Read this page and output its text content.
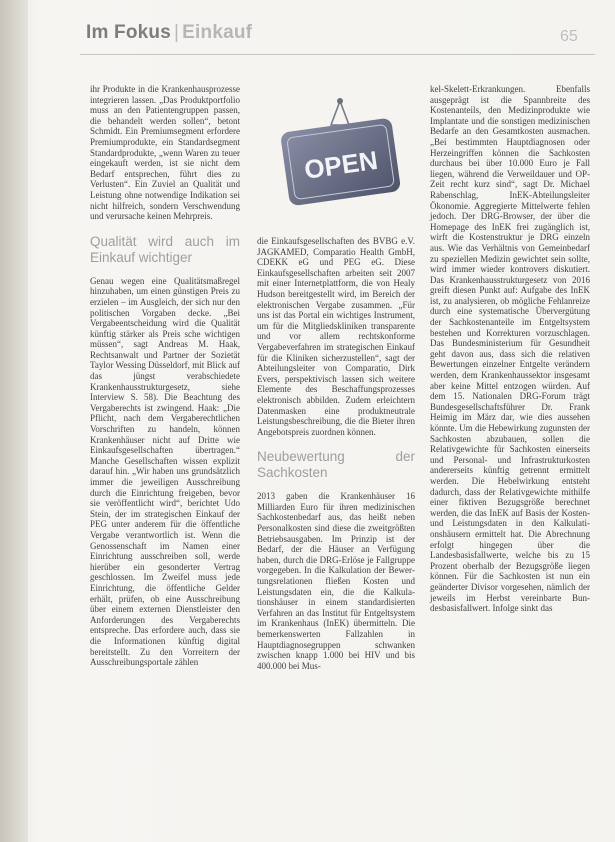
Im Fokus | Einkauf	65
OPEN

ihr Produkte in die Krankenhausprozesse integrieren lassen. „Das Produktportfolio muss an den Patientengruppen passen, die behandelt werden sollen“, betont Schmidt. Ein Premiumsegment erfordere Premiumprodukte, ein Standardsegment Standardprodukte, „wenn Waren zu teuer eingekauft werden, ist sie nicht dem Bedarf entsprechen, führt dies zu Verlusten“. Ein Zuviel an Qualität und Leistung ohne notwendige Indikation sei nicht hilfreich, sondern Verschwendung und verursache keinen Mehrpreis.

Qualität wird auch im Einkauf wichtiger

Genau wegen eine Qualitätsmaßregel hinzuhaben, um einen günstigen Preis zu erzielen – im Ausgleich, der sich nur den politischen Vorgaben decke. „Bei Vergabeentscheidung wird die Qualität künftig stärker als Preis sche wichtigen müssen“, sagt Andreas M. Haak, Rechtsanwalt und Partner der Sozietät Taylor Wessing Düsseldorf, mit Blick auf das jüngst verabschiedete Krankenhausstrukturgesetz, siehe Interview S. 58). Die Beachtung des Vergaberechts ist zwingend. Haak: „Die Pflicht, nach dem Vergaberechtlichen Vorschriften zu handeln, können Krankenhäuser nicht auf Dritte wie Einkaufsgesellschaften übertragen.“ Manche Gesellschaften wissen explizit darauf hin. „Wir haben uns grundsätzlich immer die jeweiligen Ausschreibung durch die Einrichtung freigeben, bevor sie veröffentlicht wird“, berichtet Udo Stein, der im strategischen Einkauf der PEG unter anderem für die öffentliche Vergabe verantwortlich ist. Wenn die Genossenschaft im Namen einer Einrichtung ausschreiben soll, werde hierüber ein gesonderter Vertrag geschlossen. Im Zweifel muss jede Einrichtung, die öffentliche Gelder erhält, prüfen, ob eine Ausschreibung über einem externen Dienstleister den Anforderungen des Vergaberechts entspreche. Das erfordere auch, dass sie die Informationen künftig digital bereitstellt. Zu den Vorreitern der Ausschreibungsportale zählen

die Einkaufsgesellschaften des BVBG e.V. JAGKAMED, Comparatio Health GmbH, CDEKK eG und PEG eG. Diese Einkaufsgesellschaften arbeiten seit 2007 mit einer Internetplattform, die von Healy Hudson bereitgestellt wird, im Bereich der elektronischen Vergabe zusammen. „Für uns ist das Portal ein wichtiges Instrument, um für die Mitgliedskliniken transparente und vor allem rechtskonforme Vergabeverfahren im strategischen Einkauf für die Kliniken sicherzustellen“, sagt der Abteilungsleiter von Comparatio, Dirk Evers, perspektivisch lassen sich weitere Elemente des Beschaffungsprozesses elektronisch abbilden. Zudem erleichtern Datenmasken eine produktneutrale Leistungsbeschreibung, die die Bieter ihren Angebotspreis zuordnen können.

Neubewertung der Sachkosten

2013 gaben die Krankenhäuser 16 Milliarden Euro für ihren medizinischen Sachkostenbedarf aus, das heißt neben Personalkosten sind diese die zweitgrößten Betriebsausgaben. Im Prinzip ist der Bedarf, der die Häuser an Verfügung haben, durch die DRG-Erlöse je Fallgruppe vorgegeben. In die Kalkulation der Bewertungsrelationen fließen Kosten und Leistungsdaten ein, die die Kalkulationshäuser in einem standardisierten Verfahren an das Institut für Entgeltsystem im Krankenhaus (InEK) übermitteln. Die bemerkenswerten Fallzahlen in Hauptdiagnosegruppen schwanken zwischen knapp 1.000 bei HIV und bis 400.000 bei Mus-

kel-Skelett-Erkrankungen. Ebenfalls ausgeprägt ist die Spannbreite des Kostenanteils, den Medizinprodukte wie Implantate und die sonstigen medizinischen Bedarfe an den Gesamtkosten ausmachen. „Bei bestimmten Hauptdiagnosen oder Herzeingriffen können die Sachkosten durchaus bei über 10.000 Euro je Fall liegen, während die Verweildauer und OP-Zeit recht kurz sind“, sagt Dr. Michael Rabenschlag, InEK-Abteilungsleiter Ökonomie. Aggregierte Mittelwerte fehlen jedoch. Der DRG-Browser, der über die Homepage des InEK frei zugänglich ist, wirft die Kostenstruktur je DRG einzeln aus. Wie das Verhältnis von Gemeinbedarf zu speziellen Medizin gewichtet sein sollte, wird immer wieder kontrovers diskutiert. Das Krankenhausstrukturgesetz von 2016 greift diesen Punkt auf: Aufgabe des InEK ist, zu analysieren, ob mögliche Fehlanreize durch eine systematische Übervergütung der Sachkostenanteile im Entgeltsystem bestehen und Korrekturen vorzuschlagen. Das Bundesministerium für Gesundheit geht davon aus, dass sich die relativen Bewertungen einzelner Entgelte verändern werden, dem Krankenhaussektor insgesamt aber keine Mittel entzogen würden. Auf dem 15. Nationalen DRG-Forum trägt Bundesgesellschaftsführer Dr. Frank Heimig im März dar, wie dies aussehen könnte. Um die Hebewirkung zugunsten der Sachkosten abzubauen, sollen die Relativgewichte für Sachkosten einerseits und Personal- und Infrastrukturkosten andererseits künftig getrennt ermittelt werden. Die Hebelwirkung entsteht dadurch, dass der Relativgewichte mithilfe einer fiktiven Bezugsgröße berechnet werden, die das InEK auf Basis der Kosten- und Leistungsdaten in den Kalkulationshäusern ermittelt hat. Die Abrechnung erfolgt hingegen über die Landesbasisfallwerte, welche bis zu 15 Prozent oberhalb der Bezugsgröße liegen können. Für die Sachkosten ist nun ein geänderter Divisor vorgesehen, nämlich der jeweils im Herbst vereinbarte Bundesbasisfallwert. Infolge sinkt das
